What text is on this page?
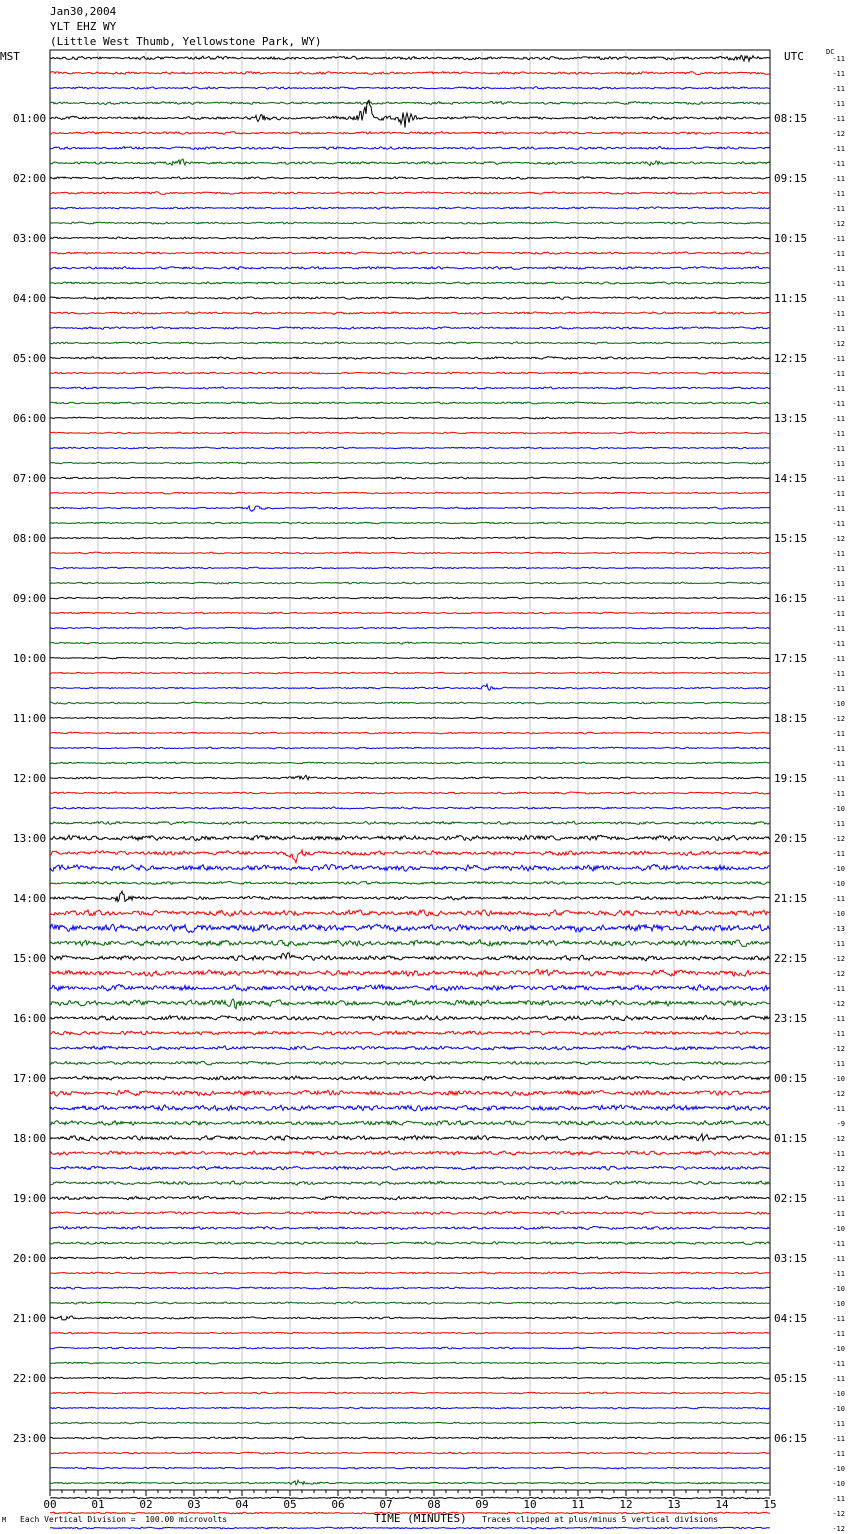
Jan30,2004
YLT EHZ WY
(Little West Thumb, Yellowstone Park, WY)
MST	UTC	DC
00	01	02	03	04	05	06	07	08	09	10	11	12	13	14	15
01:00
02:00
03:00
04:00
05:00
06:00
07:00
08:00
09:00
10:00
11:00
12:00
13:00
14:00
15:00
16:00
17:00
18:00
19:00
20:00
21:00
22:00
23:00
08:15
09:15
10:15
11:15
12:15
13:15
14:15
15:15
16:15
17:15
18:15
19:15
20:15
21:15
22:15
23:15
00:15
01:15
02:15
03:15
04:15
05:15
06:15
-11
-11
-11
-11
-11
-12
-11
-11
-11
-11
-11
-12
-11
-11
-11
-11
-11
-11
-11
-12
-11
-11
-11
-11
-11
-11
-11
-11
-11
-11
-11
-11
-12
-11
-11
-11
-11
-11
-11
-11
-11
-11
-11
-10
-12
-11
-11
-11
-11
-11
-10
-11
-12
-11
-10
-10
-11
-10
-13
-11
-12
-12
-11
-12
-11
-11
-12
-11
-10
-12
-11
-9
-12
-11
-12
-11
-11
-11
-10
-11
-11
-11
-10
-10
-11
-11
-10
-11
-11
-10
-10
-11
-11
-11
-10
-10
-11
-12
-12
M Each Vertical Division =  100.00 microvolts	TIME (MINUTES) Traces clipped at plus/minus 5 vertical divisions
